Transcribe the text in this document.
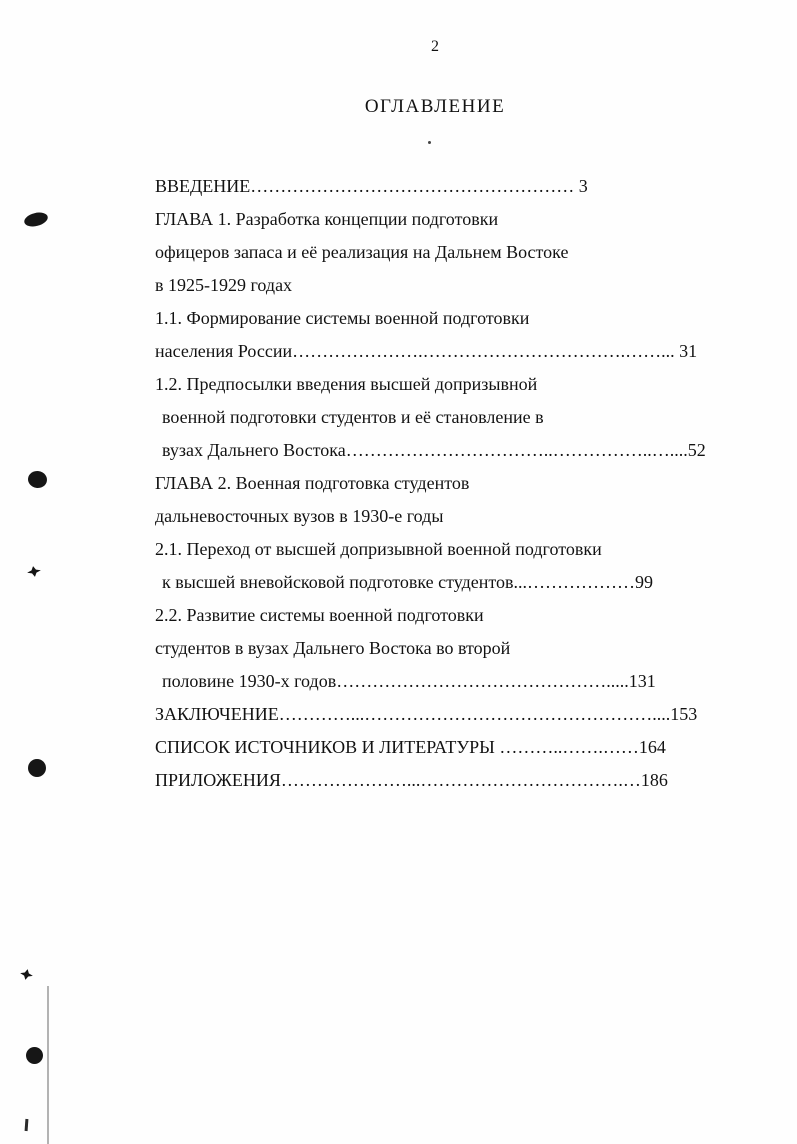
2
ОГЛАВЛЕНИЕ
ВВЕДЕНИЕ……………………………………………… 3
ГЛАВА 1. Разработка концепции подготовки
офицеров запаса и её реализация на Дальнем Востоке
в 1925-1929 годах
1.1. Формирование системы военной подготовки
населения России………………….…………………………….……... 31
1.2. Предпосылки введения высшей допризывной
военной подготовки студентов и её становление в
вузах Дальнего Востока……………………………..……………..…....52
ГЛАВА 2. Военная подготовка студентов
дальневосточных вузов в 1930-е годы
2.1. Переход от высшей допризывной военной подготовки
к высшей вневойсковой подготовке студентов...………………99
2.2. Развитие системы военной подготовки
студентов в вузах Дальнего Востока во второй
половине 1930-х годов……………………………………….....131
ЗАКЛЮЧЕНИЕ…………...…………………………………………....153
СПИСОК ИСТОЧНИКОВ И ЛИТЕРАТУРЫ ………..…….……164
ПРИЛОЖЕНИЯ…………………...…………………………….…186
